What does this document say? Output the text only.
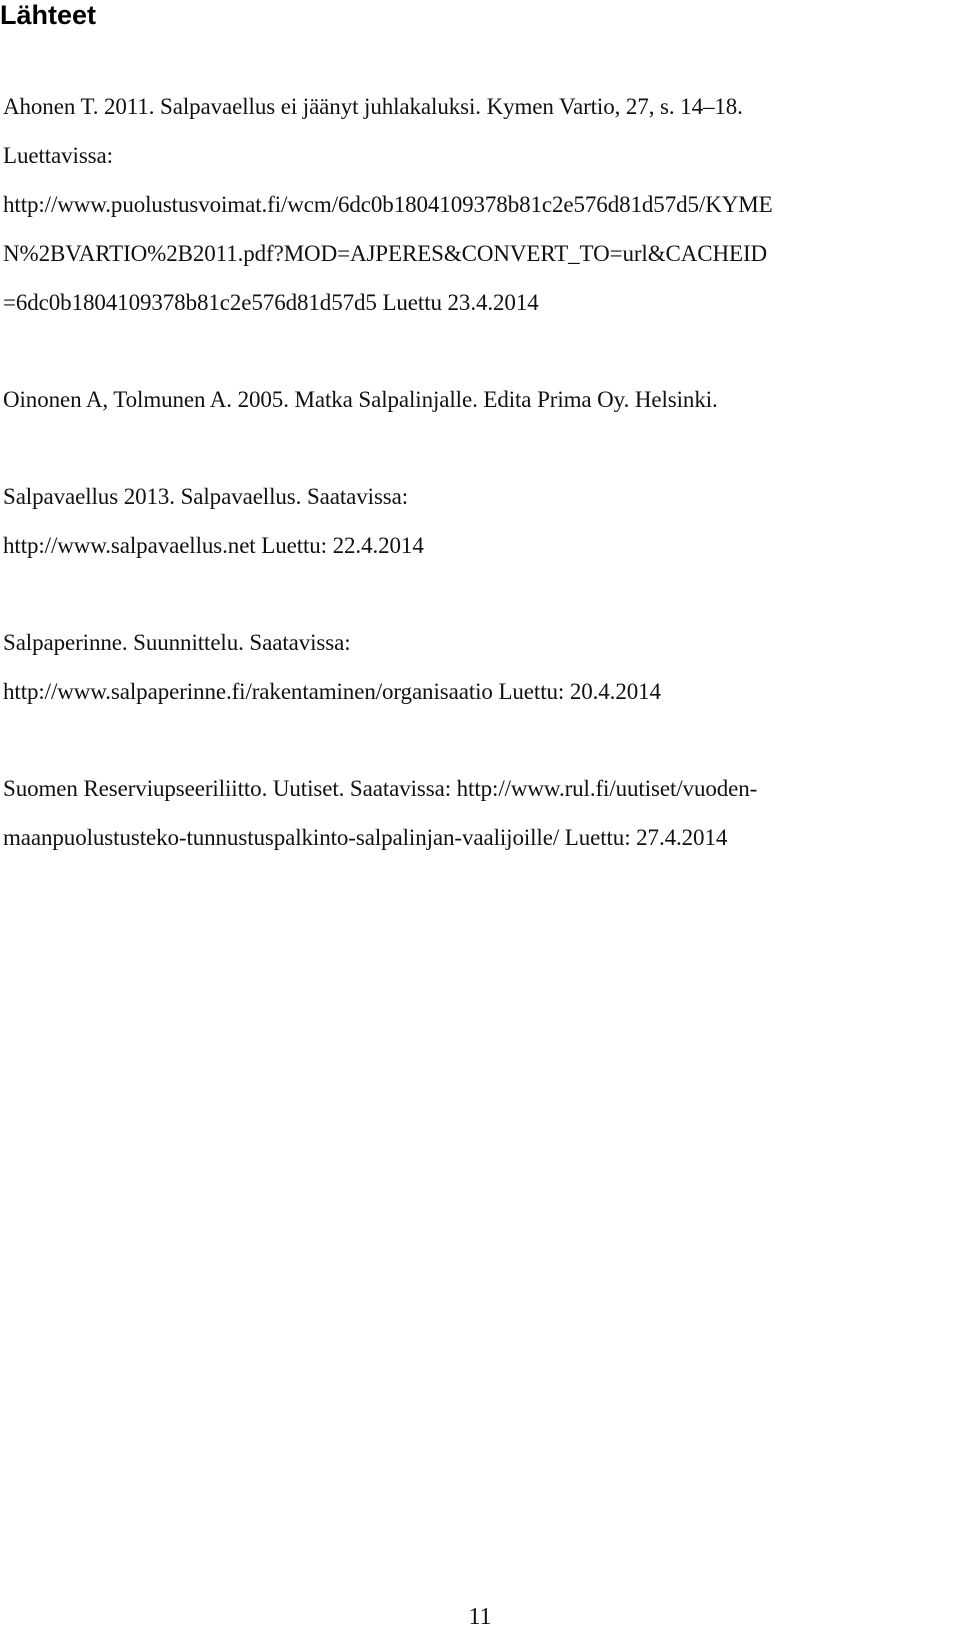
Lähteet

Ahonen T. 2011. Salpavaellus ei jäänyt juhlakaluksi. Kymen Vartio, 27, s. 14–18.
Luettavissa:
http://www.puolustusvoimat.fi/wcm/6dc0b1804109378b81c2e576d81d57d5/KYME
N%2BVARTIO%2B2011.pdf?MOD=AJPERES&CONVERT_TO=url&CACHEID
=6dc0b1804109378b81c2e576d81d57d5 Luettu 23.4.2014

Oinonen A, Tolmunen A. 2005. Matka Salpalinjalle. Edita Prima Oy. Helsinki.

Salpavaellus 2013. Salpavaellus. Saatavissa:
http://www.salpavaellus.net Luettu: 22.4.2014

Salpaperinne. Suunnittelu. Saatavissa:
http://www.salpaperinne.fi/rakentaminen/organisaatio Luettu: 20.4.2014

Suomen Reserviupseeriliitto. Uutiset. Saatavissa: http://www.rul.fi/uutiset/vuoden-
maanpuolustusteko-tunnustuspalkinto-salpalinjan-vaalijoille/ Luettu: 27.4.2014

11
